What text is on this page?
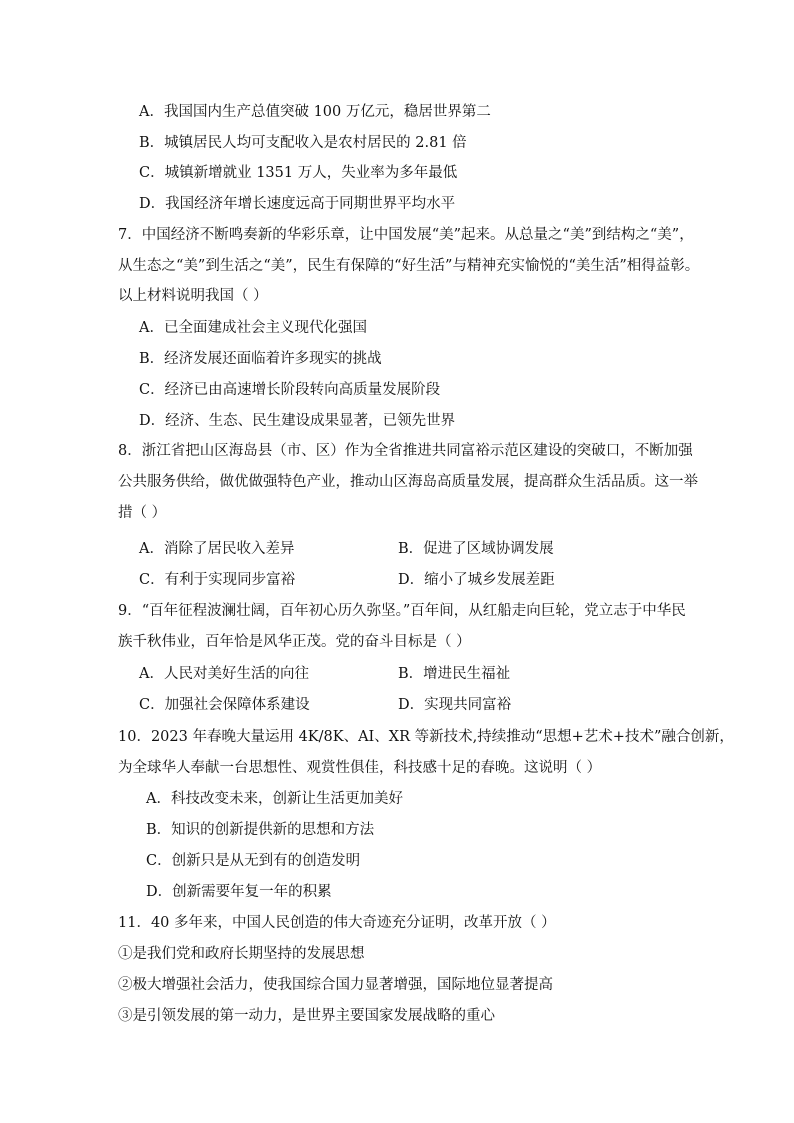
A．我国国内生产总值突破 100 万亿元，稳居世界第二
B．城镇居民人均可支配收入是农村居民的 2.81 倍
C．城镇新增就业 1351 万人，失业率为多年最低
D．我国经济年增长速度远高于同期世界平均水平
7．中国经济不断鸣奏新的华彩乐章，让中国发展“美”起来。从总量之“美”到结构之“美”，
从生态之“美”到生活之“美”，民生有保障的“好生活”与精神充实愉悦的“美生活”相得益彰。
以上材料说明我国（ ）
A．已全面建成社会主义现代化强国
B．经济发展还面临着许多现实的挑战
C．经济已由高速增长阶段转向高质量发展阶段
D．经济、生态、民生建设成果显著，已领先世界
8．浙江省把山区海岛县（市、区）作为全省推进共同富裕示范区建设的突破口，不断加强
公共服务供给，做优做强特色产业，推动山区海岛高质量发展，提高群众生活品质。这一举
措（ ）
A．消除了居民收入差异	B．促进了区域协调发展
C．有利于实现同步富裕	D．缩小了城乡发展差距
9．“百年征程波澜壮阔，百年初心历久弥坚。”百年间，从红船走向巨轮，党立志于中华民
族千秋伟业，百年恰是风华正茂。党的奋斗目标是（ ）
A．人民对美好生活的向往	B．增进民生福祉
C．加强社会保障体系建设	D．实现共同富裕
10．2023 年春晚大量运用 4K/8K、AI、XR 等新技术,持续推动“思想+艺术+技术”融合创新，
为全球华人奉献一台思想性、观赏性俱佳，科技感十足的春晚。这说明（ ）
A．科技改变未来，创新让生活更加美好
B．知识的创新提供新的思想和方法
C．创新只是从无到有的创造发明
D．创新需要年复一年的积累
11．40 多年来，中国人民创造的伟大奇迹充分证明，改革开放（ ）
①是我们党和政府长期坚持的发展思想
②极大增强社会活力，使我国综合国力显著增强，国际地位显著提高
③是引领发展的第一动力，是世界主要国家发展战略的重心
